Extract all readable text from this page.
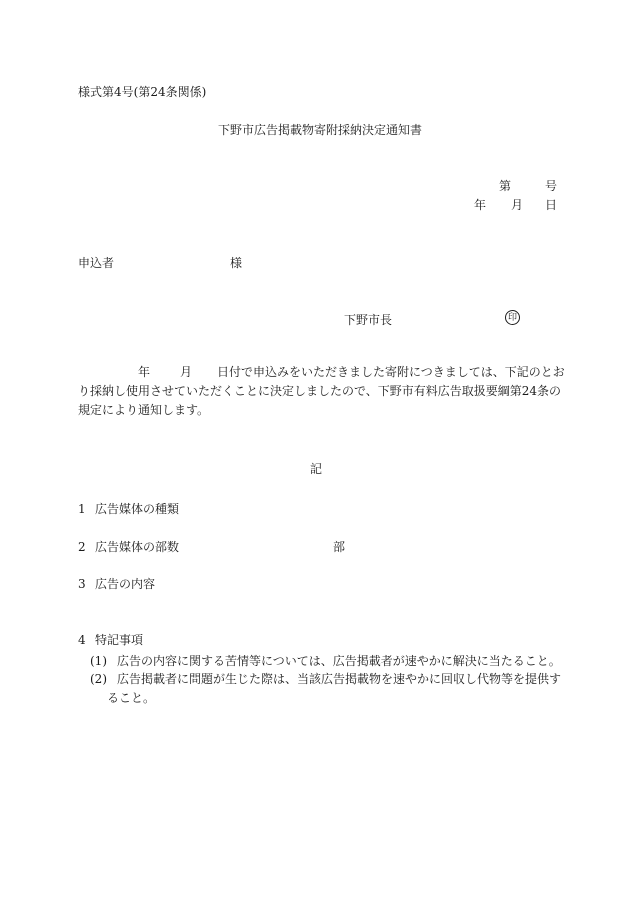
様式第4号(第24条関係)
下野市広告掲載物寄附採納決定通知書
第	号
年 月 日
申込者	様
下野市長	印
年	月 日付で申込みをいただきました寄附につきましては、下記のとお
り採納し使用させていただくことに決定しましたので、下野市有料広告取扱要綱第24条の
規定により通知します。
記
1 広告媒体の種類
2 広告媒体の部数	部
3 広告の内容
4 特記事項
(1) 広告の内容に関する苦情等については、広告掲載者が速やかに解決に当たること。
(2) 広告掲載者に問題が生じた際は、当該広告掲載物を速やかに回収し代物等を提供す
ること。
